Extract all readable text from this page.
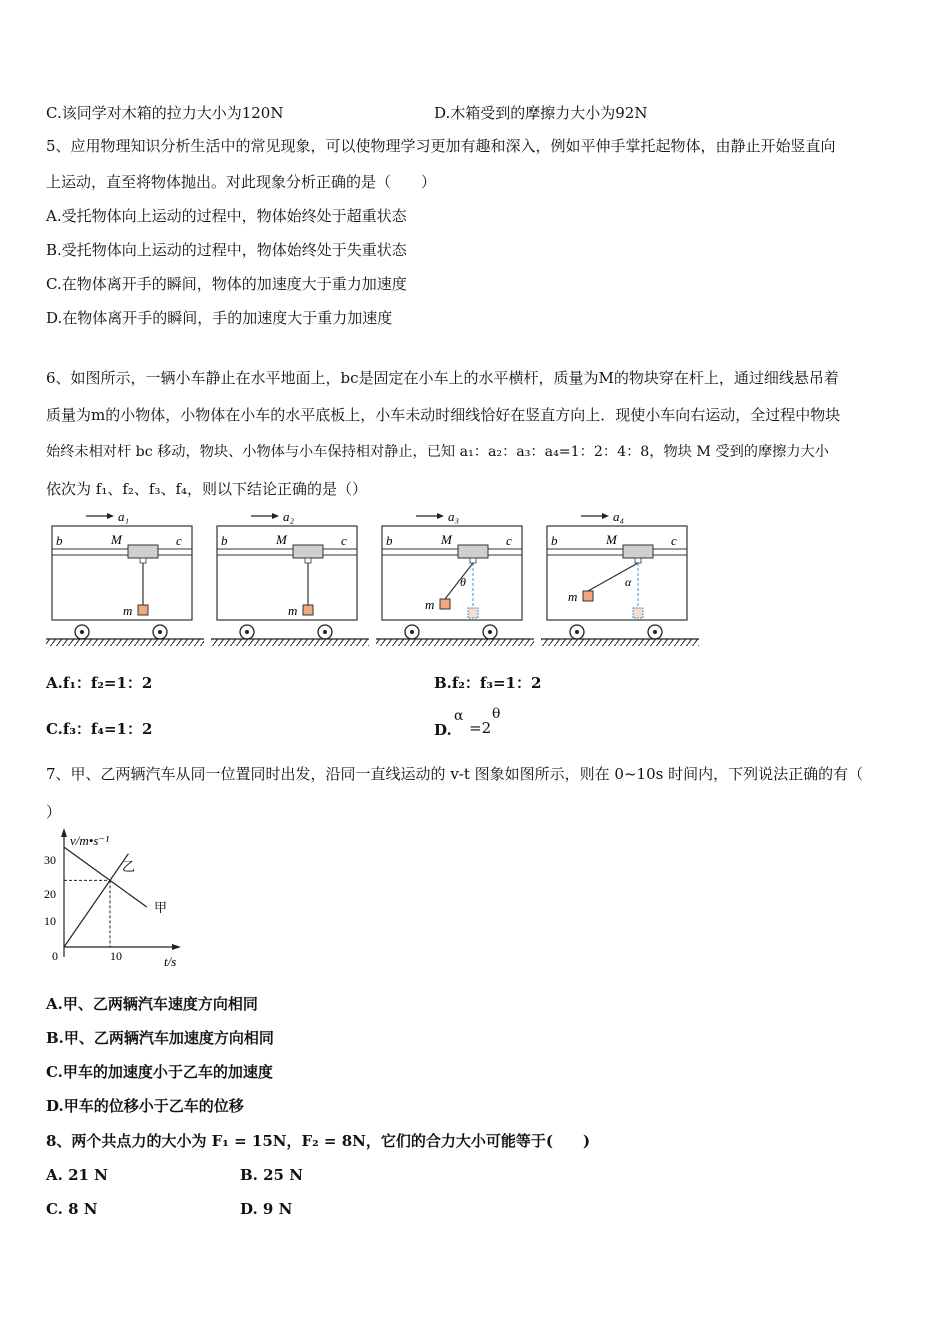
C.该同学对木箱的拉力大小为120N	D.木箱受到的摩擦力大小为92N
5、应用物理知识分析生活中的常见现象，可以使物理学习更加有趣和深入，例如平伸手掌托起物体，由静止开始竖直向
上运动，直至将物体抛出。对此现象分析正确的是（　　）
A.受托物体向上运动的过程中，物体始终处于超重状态
B.受托物体向上运动的过程中，物体始终处于失重状态
C.在物体离开手的瞬间，物体的加速度大于重力加速度
D.在物体离开手的瞬间，手的加速度大于重力加速度
6、如图所示，一辆小车静止在水平地面上，bc是固定在小车上的水平横杆，质量为M的物块穿在杆上，通过细线悬吊着
质量为m的小物体，小物体在小车的水平底板上，小车未动时细线恰好在竖直方向上．现使小车向右运动，全过程中物块
始终未相对杆 bc 移动，物块、小物体与小车保持相对静止，已知 a₁：a₂：a₃：a₄=1：2：4：8，物块 M 受到的摩擦力大小
依次为 f₁、f₂、f₃、f₄，则以下结论正确的是（）
a₁
b	c
M
m
a₂
b	c
M
m
a₃
b	c
M
θ
m
a₄
b	c
M
α
m
A.f₁：f₂=1：2	B.f₂：f₃=1：2
C.f₃：f₄=1：2	D.
α
=2
θ
7、甲、乙两辆汽车从同一位置同时出发，沿同一直线运动的 v-t 图象如图所示，则在 0~10s 时间内，下列说法正确的有（
）
v/m•s⁻¹
t/s
30
20
10
0	10
乙
甲
A.甲、乙两辆汽车速度方向相同
B.甲、乙两辆汽车加速度方向相同
C.甲车的加速度小于乙车的加速度
D.甲车的位移小于乙车的位移
8、两个共点力的大小为 F₁ = 15N，F₂ = 8N，它们的合力大小可能等于(　　)
A. 21 N	B. 25 N
C. 8 N	D. 9 N
